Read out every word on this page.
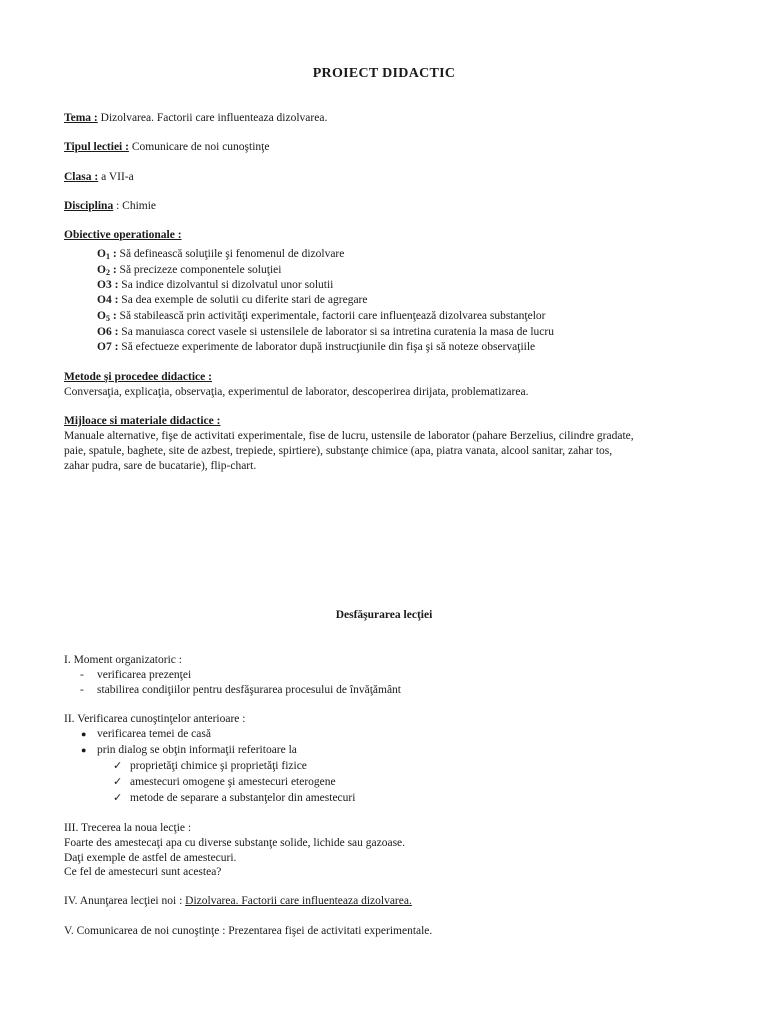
PROIECT DIDACTIC
Tema : Dizolvarea. Factorii care influenteaza dizolvarea.
Tipul lectiei : Comunicare de noi cunoştinţe
Clasa : a VII-a
Disciplina : Chimie
Obiective operationale :
O1 : Să definească soluţiile şi fenomenul de dizolvare
O2 : Să precizeze componentele soluţiei
O3 : Sa indice dizolvantul si dizolvatul unor solutii
O4 : Sa dea exemple de solutii cu diferite stari de agregare
O5 : Să stabilească prin activităţi experimentale, factorii care influenţează dizolvarea substanţelor
O6 : Sa manuiasca corect vasele si ustensilele de laborator si sa intretina curatenia la masa de lucru
O7 : Să efectueze experimente de laborator după instrucţiunile din fişa şi să noteze observaţiile
Metode şi procedee didactice :
Conversaţia, explicaţia, observaţia, experimentul de laborator, descoperirea dirijata, problematizarea.
Mijloace si materiale didactice :
Manuale alternative, fişe de activitati experimentale, fise de lucru, ustensile de laborator (pahare Berzelius, cilindre gradate,
paie, spatule, baghete, site de azbest, trepiede, spirtiere), substanţe chimice (apa, piatra vanata, alcool sanitar, zahar tos,
zahar pudra, sare de bucatarie), flip-chart.
Desfăşurarea lecţiei
I. Moment organizatoric :
- verificarea prezenţei
- stabilirea condiţiilor pentru desfăşurarea procesului de învăţământ
II. Verificarea cunoştinţelor anterioare :
● verificarea temei de casă
● prin dialog se obţin informaţii referitoare la
✓ proprietăţi chimice şi proprietăţi fizice
✓ amestecuri omogene şi amestecuri eterogene
✓ metode de separare a substanţelor din amestecuri
III. Trecerea la noua lecţie :
Foarte des amestecaţi apa cu diverse substanţe solide, lichide sau gazoase.
Daţi exemple de astfel de amestecuri.
Ce fel de amestecuri sunt acestea?
IV. Anunţarea lecţiei noi : Dizolvarea. Factorii care influenteaza dizolvarea.
V. Comunicarea de noi cunoştinţe : Prezentarea fişei de activitati experimentale.
